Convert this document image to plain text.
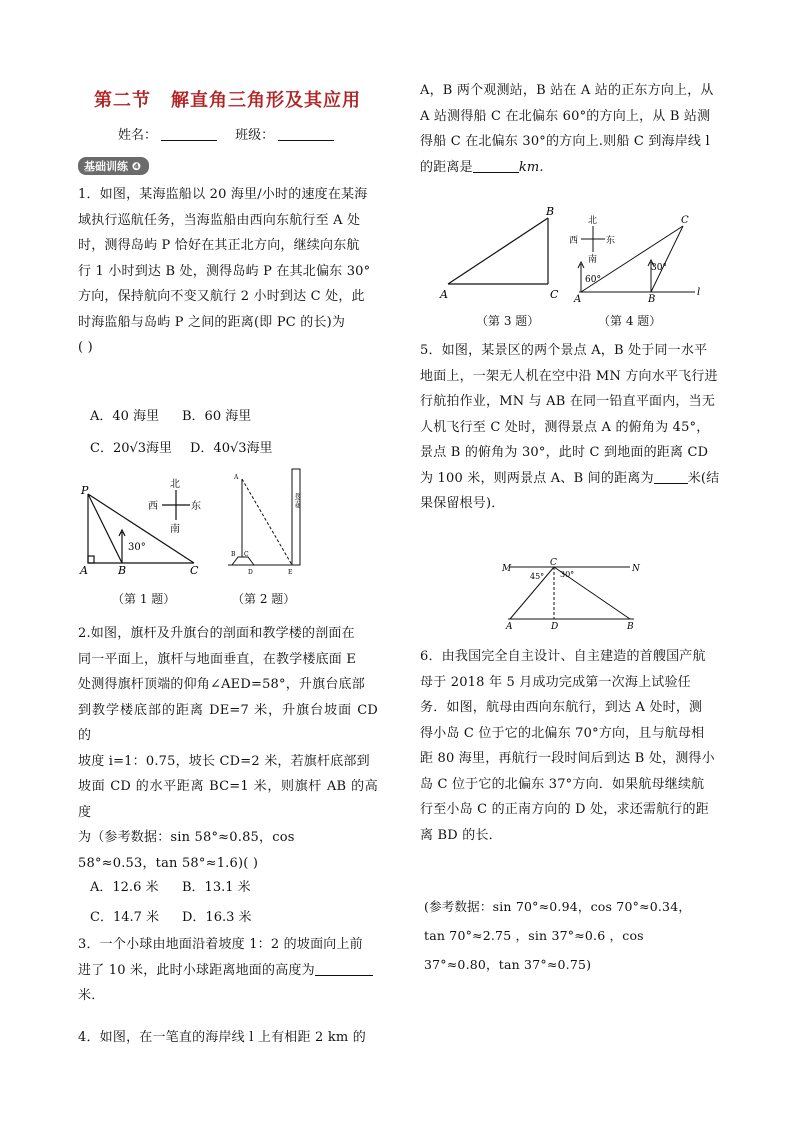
第二节 解直角三角形及其应用
姓名：	班级：
基础训练 ❹
1．如图，某海监船以 20 海里/小时的速度在某海
域执行巡航任务，当海监船由西向东航行至 A 处
时，测得岛屿 P 恰好在其正北方向，继续向东航
行 1 小时到达 B 处，测得岛屿 P 在其北偏东 30°
方向，保持航向不变又航行 2 小时到达 C 处，此
时海监船与岛屿 P 之间的距离(即 PC 的长)为
( )
A．40 海里 B．60 海里
C．20√3海里 D．40√3海里
P
A	B	C
30°
北
南
西	东
（第 1 题）
A
B C
D	E
教学楼
（第 2 题）
2.如图，旗杆及升旗台的剖面和教学楼的剖面在
同一平面上，旗杆与地面垂直，在教学楼底面 E
处测得旗杆顶端的仰角∠AED=58°，升旗台底部
到教学楼底部的距离 DE=7 米，升旗台坡面 CD 的
坡度 i=1：0.75，坡长 CD=2 米，若旗杆底部到
坡面 CD 的水平距离 BC=1 米，则旗杆 AB 的高度
为（参考数据：sin 58°≈0.85，cos
58°≈0.53，tan 58°≈1.6)( )
A．12.6 米 B．13.1 米
C．14.7 米 D．16.3 米
3．一个小球由地面沿着坡度 1：2 的坡面向上前
进了 10 米，此时小球距离地面的高度为
米．
4．如图，在一笔直的海岸线 l 上有相距 2 km 的
A，B 两个观测站，B 站在 A 站的正东方向上，从
A 站测得船 C 在北偏东 60°的方向上，从 B 站测
得船 C 在北偏东 30°的方向上.则船 C 到海岸线 l
的距离是	km.
A
B
C
（第 3 题）
60°
30°
A	B
C
l
北
南
西	东
（第 4 题）
5．如图，某景区的两个景点 A，B 处于同一水平
地面上，一架无人机在空中沿 MN 方向水平飞行进
行航拍作业，MN 与 AB 在同一铅直平面内，当无
人机飞行至 C 处时，测得景点 A 的俯角为 45°，
景点 B 的俯角为 30°，此时 C 到地面的距离 CD
为 100 米，则两景点 A、B 间的距离为	米(结
果保留根号)．
M	N
C
A	D	B
45° 30°
6．由我国完全自主设计、自主建造的首艘国产航
母于 2018 年 5 月成功完成第一次海上试验任
务．如图，航母由西向东航行，到达 A 处时，测
得小岛 C 位于它的北偏东 70°方向，且与航母相
距 80 海里，再航行一段时间后到达 B 处，测得小
岛 C 位于它的北偏东 37°方向．如果航母继续航
行至小岛 C 的正南方向的 D 处，求还需航行的距
离 BD 的长．
(参考数据：sin 70°≈0.94，cos 70°≈0.34，
tan 70°≈2.75 ，sin 37°≈0.6 ，cos
37°≈0.80，tan 37°≈0.75)
